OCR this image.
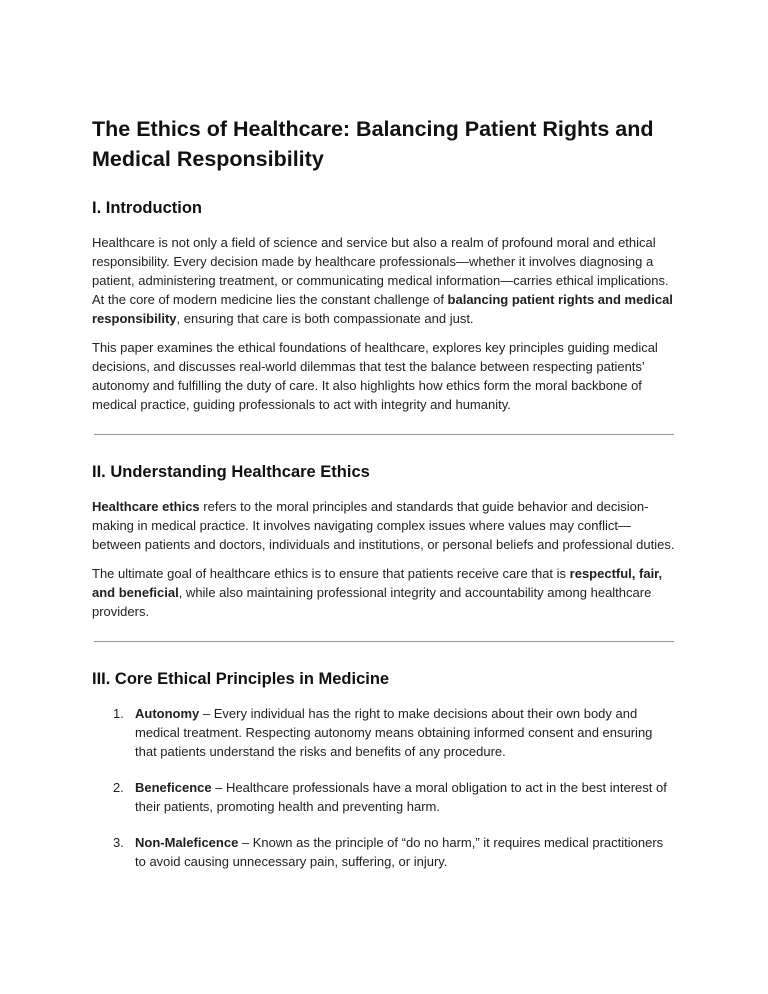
The Ethics of Healthcare: Balancing Patient Rights and Medical Responsibility
I. Introduction

Healthcare is not only a field of science and service but also a realm of profound moral and ethical responsibility. Every decision made by healthcare professionals—whether it involves diagnosing a patient, administering treatment, or communicating medical information—carries ethical implications. At the core of modern medicine lies the constant challenge of balancing patient rights and medical responsibility, ensuring that care is both compassionate and just.

This paper examines the ethical foundations of healthcare, explores key principles guiding medical decisions, and discusses real-world dilemmas that test the balance between respecting patients’ autonomy and fulfilling the duty of care. It also highlights how ethics form the moral backbone of medical practice, guiding professionals to act with integrity and humanity.

II. Understanding Healthcare Ethics

Healthcare ethics refers to the moral principles and standards that guide behavior and decision-making in medical practice. It involves navigating complex issues where values may conflict—between patients and doctors, individuals and institutions, or personal beliefs and professional duties.

The ultimate goal of healthcare ethics is to ensure that patients receive care that is respectful, fair, and beneficial, while also maintaining professional integrity and accountability among healthcare providers.

III. Core Ethical Principles in Medicine
1. Autonomy – Every individual has the right to make decisions about their own body and medical treatment. Respecting autonomy means obtaining informed consent and ensuring that patients understand the risks and benefits of any procedure.
2. Beneficence – Healthcare professionals have a moral obligation to act in the best interest of their patients, promoting health and preventing harm.
3. Non-Maleficence – Known as the principle of “do no harm,” it requires medical practitioners to avoid causing unnecessary pain, suffering, or injury.
